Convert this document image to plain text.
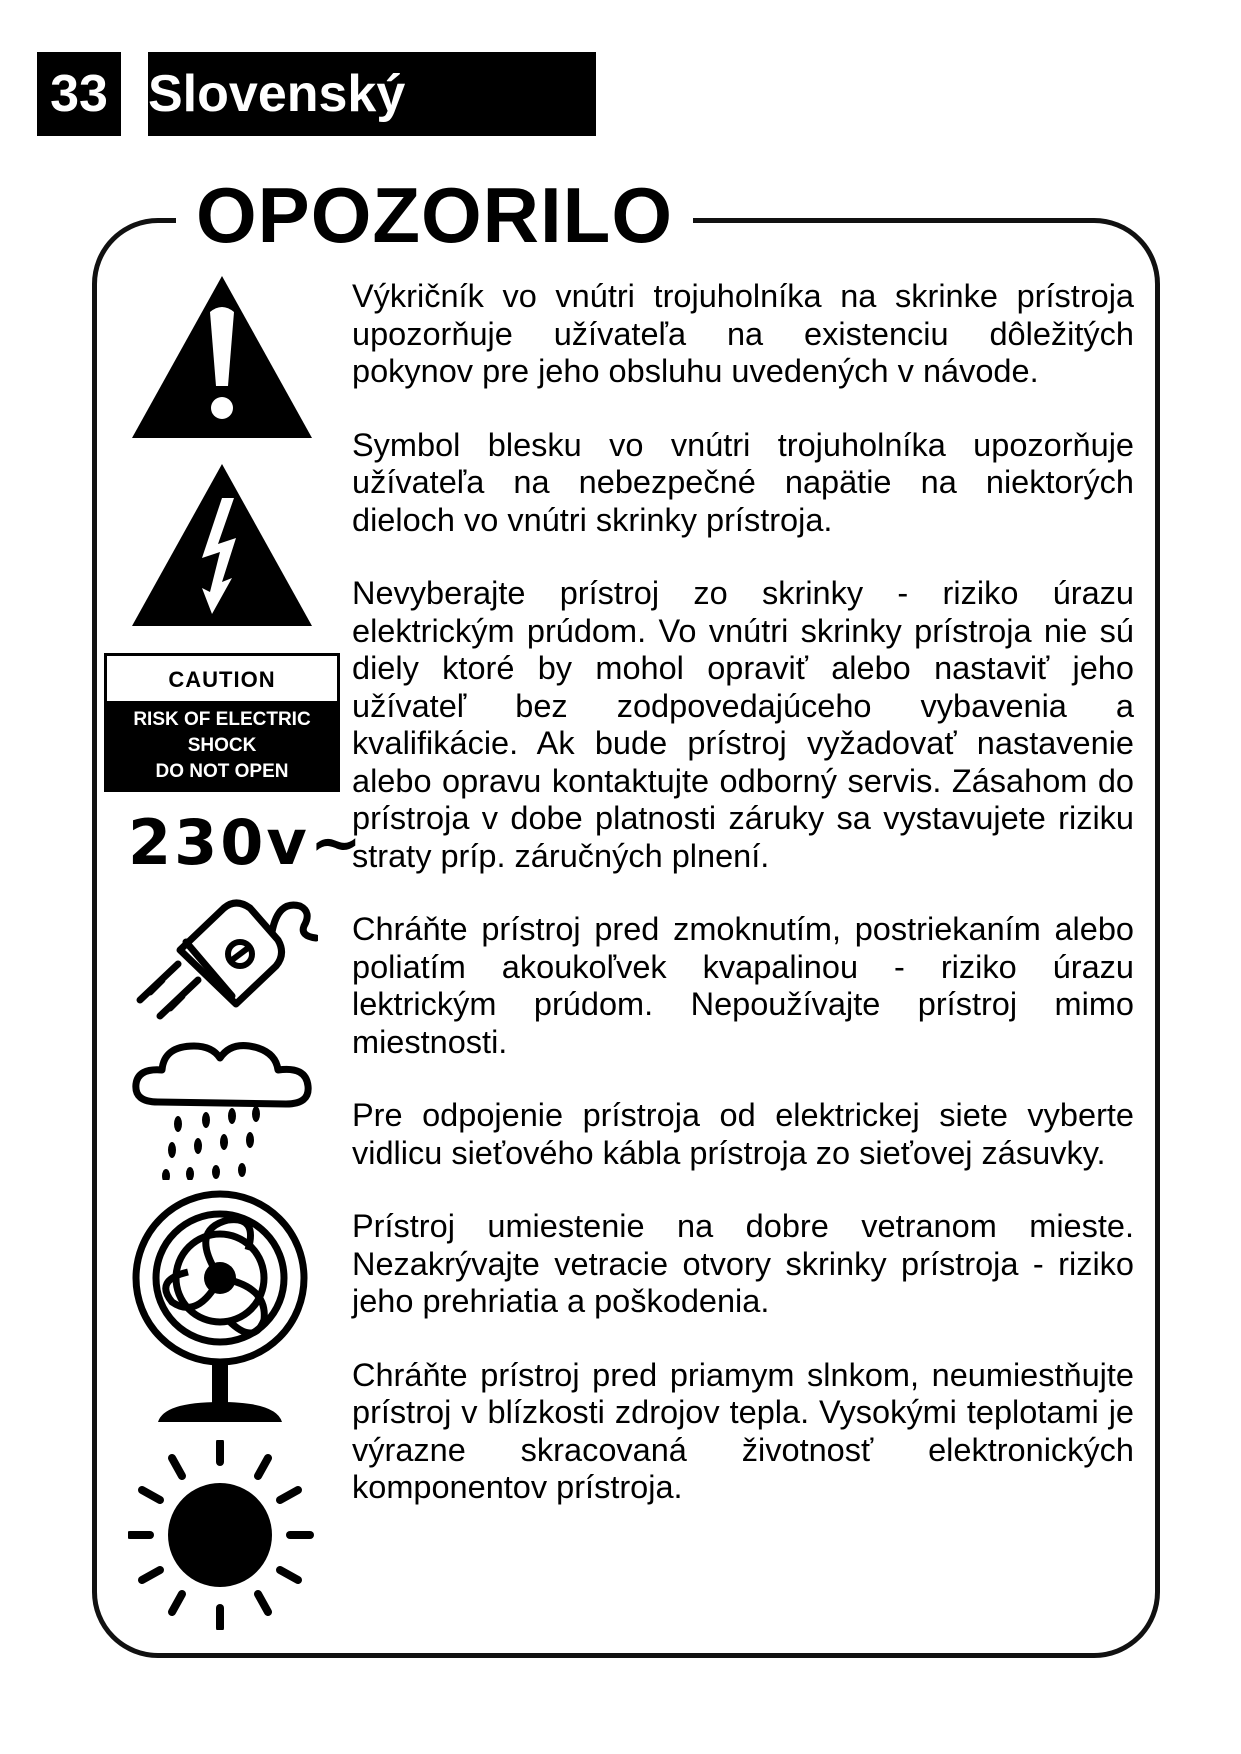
33 Slovenský
OPOZORILO
CAUTION
RISK OF ELECTRIC
SHOCK
DO NOT OPEN
230v~

Výkričník vo vnútri trojuholníka na skrinke prístroja upozorňuje užívateľa na existenciu dôležitých pokynov pre jeho obsluhu uvedených v návode.

Symbol blesku vo vnútri trojuholníka upozorňuje užívateľa na nebezpečné napätie na niektorých dieloch vo vnútri skrinky prístroja.

Nevyberajte prístroj zo skrinky - riziko úrazu elektrickým prúdom. Vo vnútri skrinky prístroja nie sú diely ktoré by mohol opraviť alebo nastaviť jeho užívateľ bez zodpovedajúceho vybavenia a kvalifikácie. Ak bude prístroj vyžadovať nastavenie alebo opravu kontaktujte odborný servis. Zásahom do prístroja v dobe platnosti záruky sa vystavujete riziku straty príp. záručných plnení.

Chráňte prístroj pred zmoknutím, postriekaním alebo poliatím akoukoľvek kvapalinou - riziko úrazu lektrickým prúdom. Nepoužívajte prístroj mimo miestnosti.

Pre odpojenie prístroja od elektrickej siete vyberte vidlicu sieťového kábla prístroja zo sieťovej zásuvky.

Prístroj umiestenie na dobre vetranom mieste. Nezakrývajte vetracie otvory skrinky prístroja - riziko jeho prehriatia a poškodenia.

Chráňte prístroj pred priamym slnkom, neumiestňujte prístroj v blízkosti zdrojov tepla. Vysokými teplotami je výrazne skracovaná životnosť elektronických komponentov prístroja.
